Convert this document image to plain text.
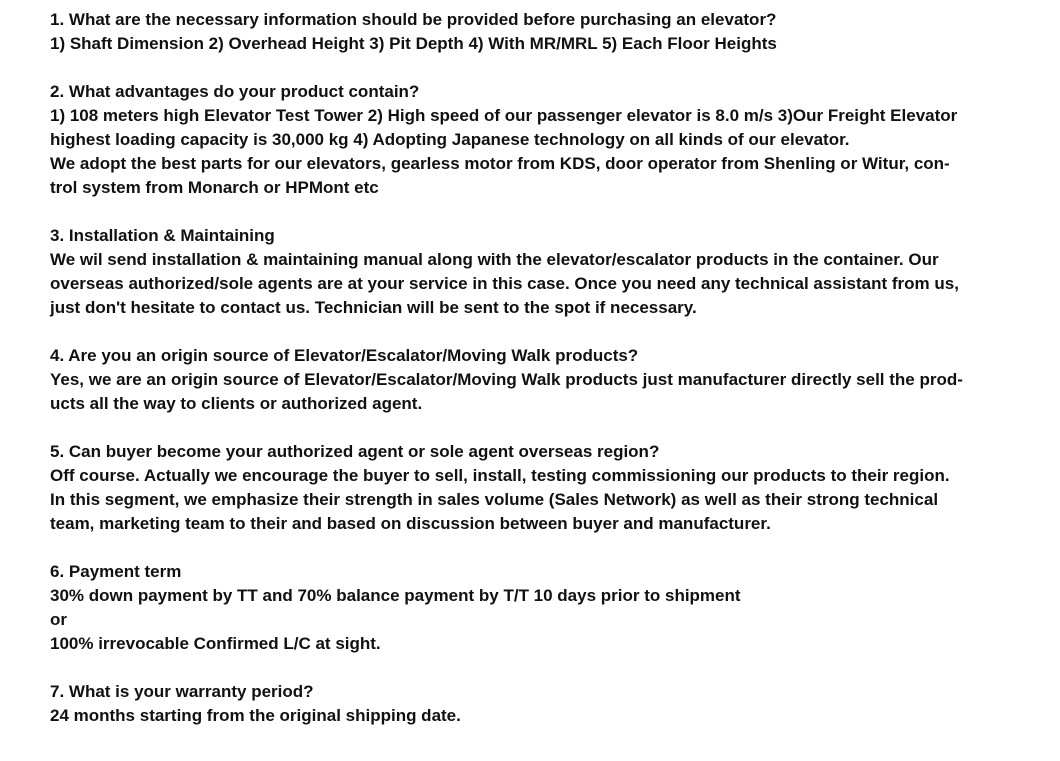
1. What are the necessary information should be provided before purchasing an elevator?
1) Shaft Dimension 2) Overhead Height 3) Pit Depth 4) With MR/MRL 5) Each Floor Heights
2. What advantages do your product contain?
1) 108 meters high Elevator Test Tower 2) High speed of our passenger elevator is 8.0 m/s 3)Our Freight Elevator
highest loading capacity is 30,000 kg 4) Adopting Japanese technology on all kinds of our elevator.
We adopt the best parts for our elevators, gearless motor from KDS, door operator from Shenling or Witur, con-
trol system from Monarch or HPMont etc
3. Installation & Maintaining
We wil send installation & maintaining manual along with the elevator/escalator products in the container. Our
overseas authorized/sole agents are at your service in this case. Once you need any technical assistant from us,
just don't hesitate to contact us. Technician will be sent to the spot if necessary.
4. Are you an origin source of Elevator/Escalator/Moving Walk products?
Yes, we are an origin source of Elevator/Escalator/Moving Walk products just manufacturer directly sell the prod-
ucts all the way to clients or authorized agent.
5. Can buyer become your authorized agent or sole agent overseas region?
Off course. Actually we encourage the buyer to sell, install, testing commissioning our products to their region.
In this segment, we emphasize their strength in sales volume (Sales Network) as well as their strong technical
team, marketing team to their and based on discussion between buyer and manufacturer.
6. Payment term
30% down payment by TT and 70% balance payment by T/T 10 days prior to shipment
or
100% irrevocable Confirmed L/C at sight.
7. What is your warranty period?
24 months starting from the original shipping date.
